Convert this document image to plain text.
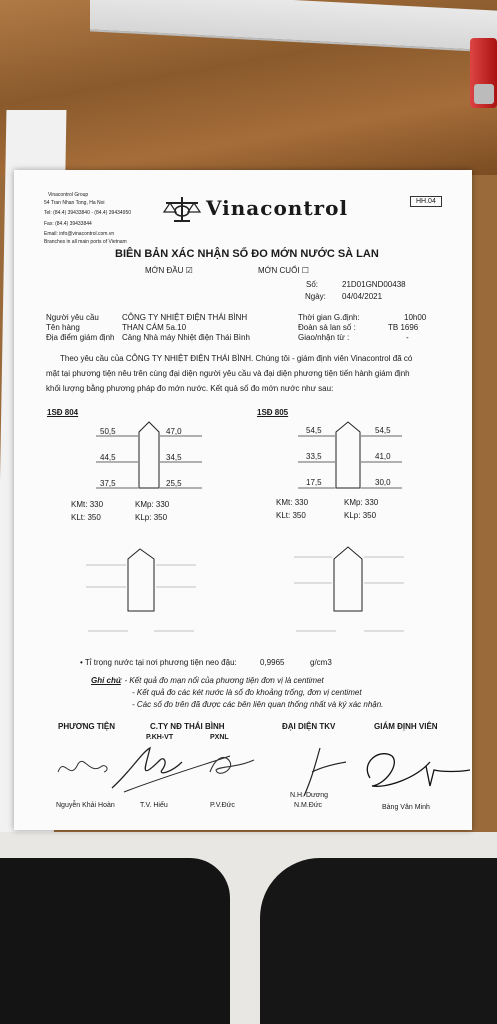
Vinacontrol Group
54 Tran Nhan Tong, Ha Noi
Tel: (84.4) 39433840 - (84.4) 39434950
Fax: (84.4) 39433844
Email: info@vinacontrol.com.vn
Branches in all main ports of Vietnam
Vinacontrol	HH.04
BIÊN BẢN XÁC NHẬN SỐ ĐO MỚN NƯỚC SÀ LAN
MỚN ĐẦU ☑	MỚN CUỐI ☐
Số:	21D01GND00438
Ngày: 04/04/2021
Người yêu cầu	CÔNG TY NHIỆT ĐIỆN THÁI BÌNH
Tên hàng	THAN CÁM 5a.10
Địa điểm giám định Cảng Nhà máy Nhiệt điện Thái Bình
Thời gian G.định:	10h00
Đoàn sà lan số :	TB 1696
Giao/nhận từ :	-
Theo yêu cầu của CÔNG TY NHIỆT ĐIỆN THÁI BÌNH. Chúng tôi - giám định viên Vinacontrol đã có
mặt tại phương tiện nêu trên cùng đại diện người yêu cầu và đại diện phương tiện tiến hành giám định
khối lượng bằng phương pháp đo mớn nước. Kết quả số đo mớn nước như sau:
1SĐ 804
50,5
44,5
37,5
47,0
34,5
25,5
KMt: 330	KMp: 330
KLt: 350	KLp: 350
1SĐ 805
54,5
33,5
17,5
54,5
41,0
30,0
KMt: 330	KMp: 330
KLt: 350	KLp: 350
• Tỉ trọng nước tại nơi phương tiện neo đậu:	0,9965	g/cm3
Ghi chú : - Kết quả đo mạn nổi của phương tiện đơn vị là centimet
- Kết quả đo các két nước là số đo khoảng trống, đơn vị centimet
- Các số đo trên đã được các bên liên quan thống nhất và ký xác nhận.
PHƯƠNG TIỆN	C.TY NĐ THÁI BÌNH
P.KH-VT	PXNL
ĐẠI DIỆN TKV	GIÁM ĐỊNH VIÊN
N.H. Dương
Nguyễn Khải Hoàn	T.V. Hiếu	P.V.Đức	N.M.Đức	Bàng Văn Minh
